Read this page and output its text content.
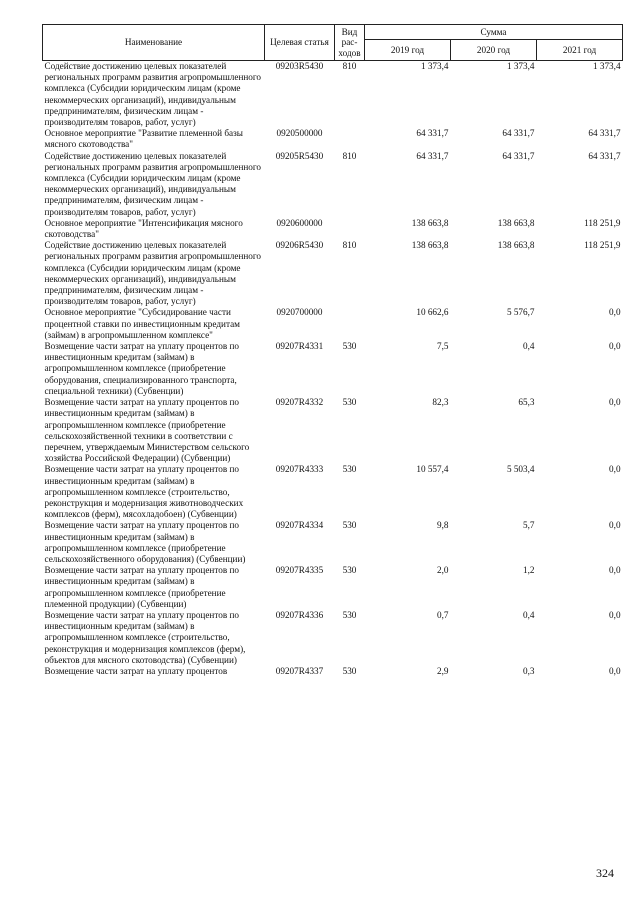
Наименование	Целевая статья	Вид рас-ходов	Сумма		
			2019 год	2020 год	2021 год
Содействие достижению целевых показателей региональных программ развития агропромышленного комплекса (Субсидии юридическим лицам (кроме некоммерческих организаций), индивидуальным предпринимателям, физическим лицам - производителям товаров, работ, услуг)	09203R5430	810	1 373,4	1 373,4	1 373,4
Основное мероприятие "Развитие племенной базы мясного скотоводства"	0920500000		64 331,7	64 331,7	64 331,7
Содействие достижению целевых показателей региональных программ развития агропромышленного комплекса (Субсидии юридическим лицам (кроме некоммерческих организаций), индивидуальным предпринимателям, физическим лицам - производителям товаров, работ, услуг)	09205R5430	810	64 331,7	64 331,7	64 331,7
Основное мероприятие "Интенсификация мясного скотоводства"	0920600000		138 663,8	138 663,8	118 251,9
Содействие достижению целевых показателей региональных программ развития агропромышленного комплекса (Субсидии юридическим лицам (кроме некоммерческих организаций), индивидуальным предпринимателям, физическим лицам - производителям товаров, работ, услуг)	09206R5430	810	138 663,8	138 663,8	118 251,9
Основное мероприятие "Субсидирование части процентной ставки по инвестиционным кредитам (займам) в агропромышленном комплексе"	0920700000		10 662,6	5 576,7	0,0
Возмещение части затрат на уплату процентов по инвестиционным кредитам (займам) в агропромышленном комплексе (приобретение оборудования, специализированного транспорта, специальной техники) (Субвенции)	09207R4331	530	7,5	0,4	0,0
Возмещение части затрат на уплату процентов по инвестиционным кредитам (займам) в агропромышленном комплексе (приобретение сельскохозяйственной техники в соответствии с перечнем, утверждаемым Министерством сельского хозяйства Российской Федерации) (Субвенции)	09207R4332	530	82,3	65,3	0,0
Возмещение части затрат на уплату процентов по инвестиционным кредитам (займам) в агропромышленном комплексе (строительство, реконструкция и модернизация животноводческих комплексов (ферм), мясохладобоен) (Субвенции)	09207R4333	530	10 557,4	5 503,4	0,0
Возмещение части затрат на уплату процентов по инвестиционным кредитам (займам) в агропромышленном комплексе (приобретение сельскохозяйственного оборудования) (Субвенции)	09207R4334	530	9,8	5,7	0,0
Возмещение части затрат на уплату процентов по инвестиционным кредитам (займам) в агропромышленном комплексе (приобретение племенной продукции) (Субвенции)	09207R4335	530	2,0	1,2	0,0
Возмещение части затрат на уплату процентов по инвестиционным кредитам (займам) в агропромышленном комплексе (строительство, реконструкция и модернизация комплексов (ферм), объектов для мясного скотоводства) (Субвенции)	09207R4336	530	0,7	0,4	0,0
Возмещение части затрат на уплату процентов	09207R4337	530	2,9	0,3	0,0
324
